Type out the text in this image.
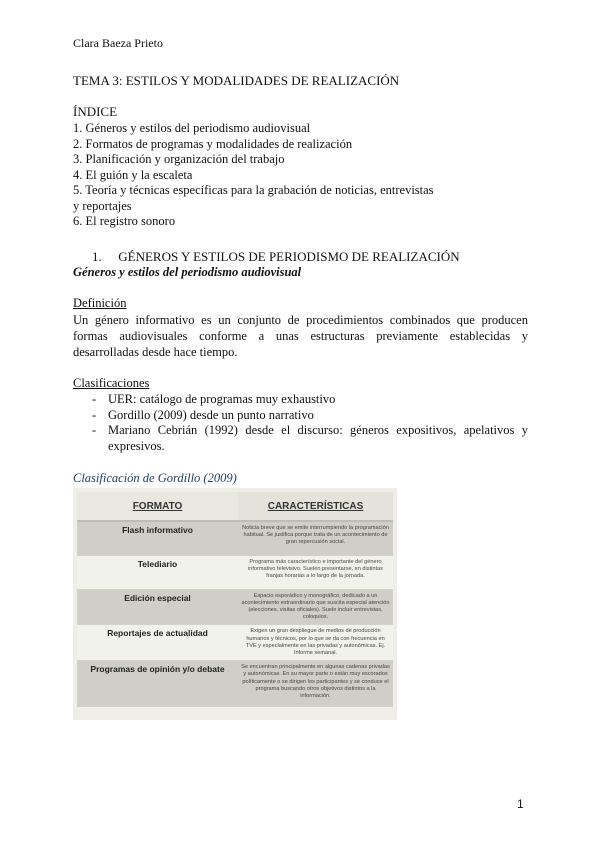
Clara Baeza Prieto
TEMA 3: ESTILOS Y MODALIDADES DE REALIZACIÓN
ÍNDICE
1. Géneros y estilos del periodismo audiovisual
2. Formatos de programas y modalidades de realización
3. Planificación y organización del trabajo
4. El guión y la escaleta
5. Teoría y técnicas específicas para la grabación de noticias, entrevistas
y reportajes
6. El registro sonoro
1. GÉNEROS Y ESTILOS DE PERIODISMO DE REALIZACIÓN
Géneros y estilos del periodismo audiovisual
Definición

Un género informativo es un conjunto de procedimientos combinados que producen formas audiovisuales conforme a unas estructuras previamente establecidas y desarrolladas desde hace tiempo.

Clasificaciones
- UER: catálogo de programas muy exhaustivo
- Gordillo (2009) desde un punto narrativo
- Mariano Cebrián (1992) desde el discurso: géneros expositivos, apelativos y expresivos.
Clasificación de Gordillo (2009)
FORMATO	CARACTERÍSTICAS
Flash informativo	Noticia breve que se emite interrumpiendo la programación habitual. Se justifica porque trata de un acontecimiento de gran repercusión social.
Telediario	Programa más característico e importante del género informativo televisivo. Suelen presentarse, en distintas franjas horarias a lo largo de la jornada.
Edición especial	Espacio esporádico y monográfico, dedicado a un acontecimiento extraordinario que suscita especial atención (elecciones, visitas oficiales). Suele incluir entrevistas, coloquios.
Reportajes de actualidad	Exigen un gran despliegue de medios de producción humanos y técnicos, por lo que se da con frecuencia en TVE y especialmente en las privadas y autonómicas. Ej. Informe semanal.
Programas de opinión y/o debate	Se encuentran principalmente en algunas cadenas privadas y autonómicas. En su mayor parte o están muy escorados políticamente o se dirigen los participantes y se conduce el programa buscando otros objetivos distintos a la información.
1
